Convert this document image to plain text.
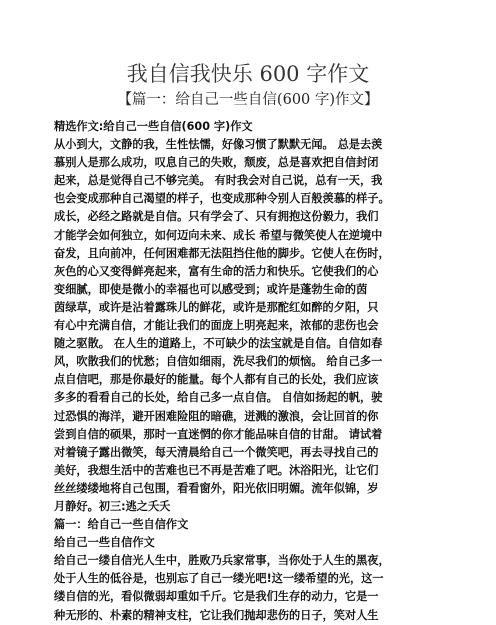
我自信我快乐 600 字作文
【篇一：给自己一些自信(600 字)作文】
精选作文:给自己一些自信(600 字)作文
从小到大，文静的我，生性怯懦，好像习惯了默默无闻。 总是去羡
慕别人是那么成功，叹息自己的失败，颓废，总是喜欢把自信封闭
起来，总是觉得自己不够完美。 有时我会对自己说，总有一天，我
也会变成那种自己渴望的样子，也变成那种令别人百般羡慕的样子。
成长，必经之路就是自信。只有学会了、只有拥抱这份毅力，我们
才能学会如何独立，如何迈向未来、成长 希望与微笑使人在逆境中
奋发，且向前冲，任何困难都无法阻挡住他的脚步。它使人在伤时，
灰色的心又变得鲜亮起来，富有生命的活力和快乐。它使我们的心
变细腻，即使是微小的幸福也可以感受到；或许是蓬勃生命的茵
茵绿草，或许是沾着露珠儿的鲜花，或许是那酡红如醉的夕阳，只
有心中充满自信，才能让我们的面庞上明亮起来，浓郁的悲伤也会
随之驱散。 在人生的道路上，不可缺少的法宝就是自信。自信如春
风，吹散我们的忧愁；自信如细雨，洗尽我们的烦恼。 给自己多一
点自信吧，那是你最好的能量。每个人都有自己的长处，我们应该
多多的看看自己的长处，给自己多一点自信。 自信如扬起的帆，驶
过恐惧的海洋，避开困难险阻的暗礁，迸溅的激浪，会让回首的你
尝到自信的硕果，那时一直迷惘的你才能品味自信的甘甜。 请试着
对着镜子露出微笑，每天清晨给自己一个微笑吧，再去寻找自己的
美好，我想生活中的苦难也已不再是苦难了吧。沐浴阳光，让它们
丝丝缕缕地将自己包围，看看窗外，阳光依旧明媚。流年似锦，岁
月静好。初三:逃之夭夭
篇一：给自己一些自信作文
给自己一些自信作文
给自己一缕自信光人生中，胜败乃兵家常事，当你处于人生的黑夜，
处于人生的低谷是，也别忘了自己一缕光吧!这一缕希望的光，这一
缕自信的光，看似微弱却重如千斤。它是我们生存的动力，它是一
种无形的、朴素的精神支柱，它让我们抛却悲伤的日子，笑对人生
